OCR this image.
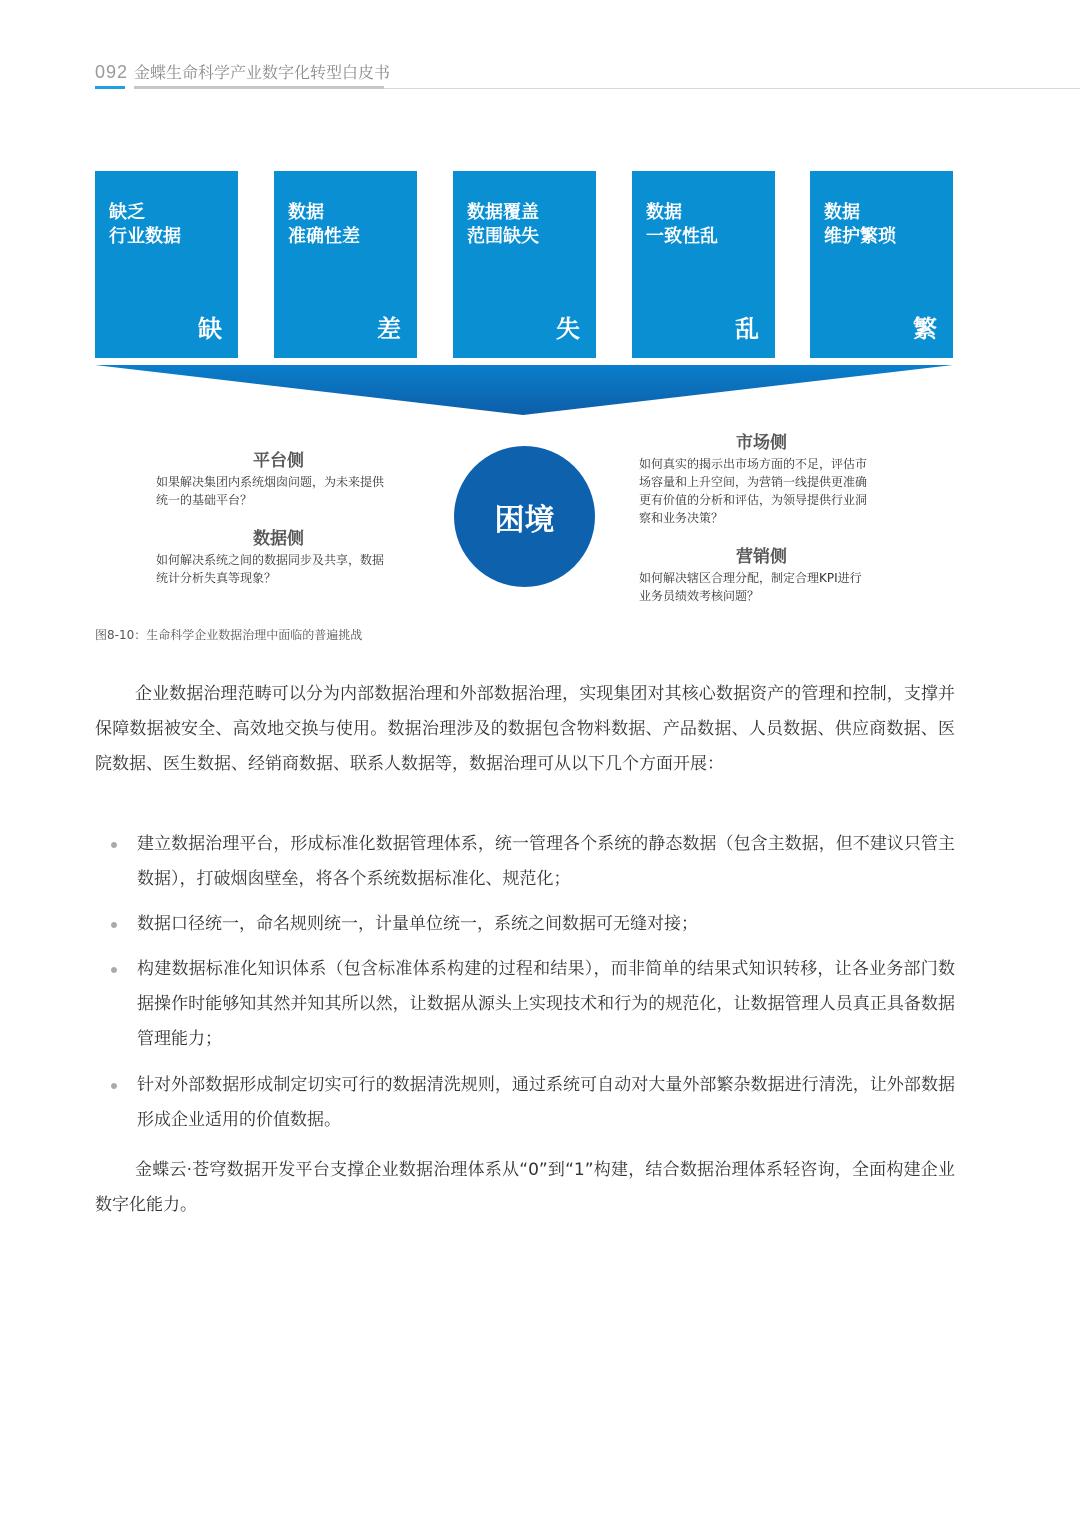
092 金蝶生命科学产业数字化转型白皮书
缺乏
行业数据
缺
数据
准确性差
差
数据覆盖
范围缺失
失
数据
一致性乱
乱
数据
维护繁琐
繁
困境
平台侧
如果解决集团内系统烟囱问题，为未来提供
统一的基础平台？
数据侧
如何解决系统之间的数据同步及共享，数据
统计分析失真等现象？
市场侧
如何真实的揭示出市场方面的不足，评估市
场容量和上升空间，为营销一线提供更准确
更有价值的分析和评估，为领导提供行业洞
察和业务决策？
营销侧
如何解决辖区合理分配，制定合理KPI进行
业务员绩效考核问题？
图8-10：生命科学企业数据治理中面临的普遍挑战
企业数据治理范畴可以分为内部数据治理和外部数据治理，实现集团对其核心数据资产的管理和控制，支撑并保障数据被安全、高效地交换与使用。数据治理涉及的数据包含物料数据、产品数据、人员数据、供应商数据、医院数据、医生数据、经销商数据、联系人数据等，数据治理可从以下几个方面开展：
建立数据治理平台，形成标准化数据管理体系，统一管理各个系统的静态数据（包含主数据，但不建议只管主数据），打破烟囱壁垒，将各个系统数据标准化、规范化；
数据口径统一，命名规则统一，计量单位统一，系统之间数据可无缝对接；
构建数据标准化知识体系（包含标准体系构建的过程和结果），而非简单的结果式知识转移，让各业务部门数据操作时能够知其然并知其所以然，让数据从源头上实现技术和行为的规范化，让数据管理人员真正具备数据管理能力；
针对外部数据形成制定切实可行的数据清洗规则，通过系统可自动对大量外部繁杂数据进行清洗，让外部数据形成企业适用的价值数据。
金蝶云·苍穹数据开发平台支撑企业数据治理体系从“0”到“1”构建，结合数据治理体系轻咨询，全面构建企业数字化能力。
